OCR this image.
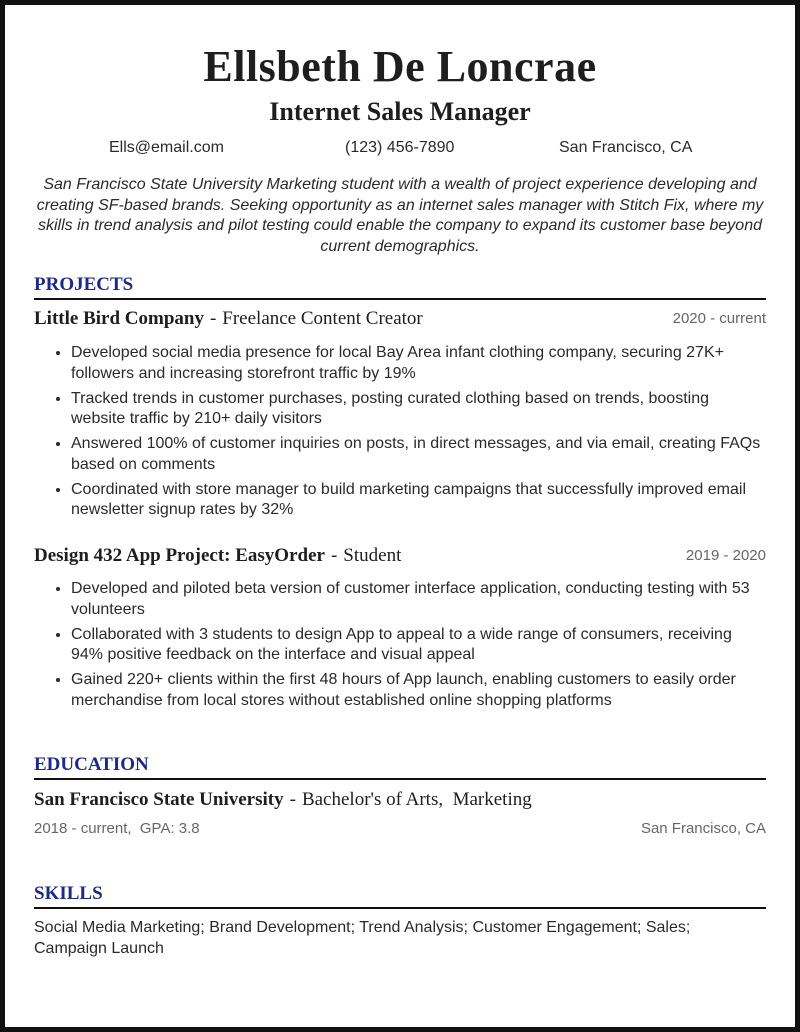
Ellsbeth De Loncrae
Internet Sales Manager
Ells@email.com	(123) 456-7890	San Francisco, CA
San Francisco State University Marketing student with a wealth of project experience developing and creating SF-based brands. Seeking opportunity as an internet sales manager with Stitch Fix, where my skills in trend analysis and pilot testing could enable the company to expand its customer base beyond current demographics.
PROJECTS
Little Bird Company - Freelance Content Creator	2020 - current
• Developed social media presence for local Bay Area infant clothing company, securing 27K+ followers and increasing storefront traffic by 19%
• Tracked trends in customer purchases, posting curated clothing based on trends, boosting website traffic by 210+ daily visitors
• Answered 100% of customer inquiries on posts, in direct messages, and via email, creating FAQs based on comments
• Coordinated with store manager to build marketing campaigns that successfully improved email newsletter signup rates by 32%
Design 432 App Project: EasyOrder - Student	2019 - 2020
• Developed and piloted beta version of customer interface application, conducting testing with 53 volunteers
• Collaborated with 3 students to design App to appeal to a wide range of consumers, receiving 94% positive feedback on the interface and visual appeal
• Gained 220+ clients within the first 48 hours of App launch, enabling customers to easily order merchandise from local stores without established online shopping platforms
EDUCATION
San Francisco State University - Bachelor's of Arts,  Marketing
2018 - current,  GPA: 3.8	San Francisco, CA
SKILLS
Social Media Marketing; Brand Development; Trend Analysis; Customer Engagement; Sales; Campaign Launch
